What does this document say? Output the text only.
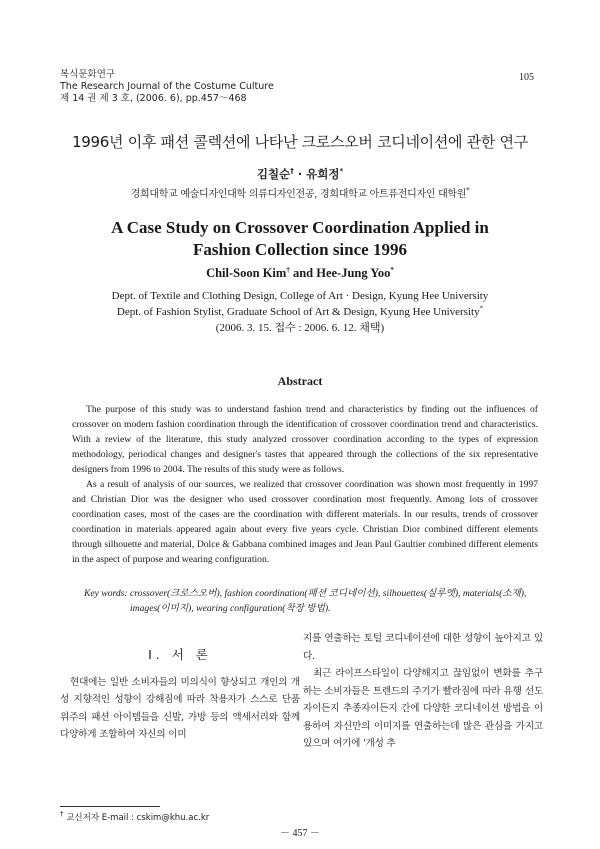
복식문화연구
The Research Journal of the Costume Culture
제 14 권 제 3 호, (2006. 6), pp.457～468
105
1996년 이후 패션 콜렉션에 나타난 크로스오버 코디네이션에 관한 연구
김칠순† · 유희정*
경희대학교 예술디자인대학 의류디자인전공, 경희대학교 아트퓨전디자인 대학원*
A Case Study on Crossover Coordination Applied in
Fashion Collection since 1996
Chil-Soon Kim† and Hee-Jung Yoo*
Dept. of Textile and Clothing Design, College of Art · Design, Kyung Hee University
Dept. of Fashion Stylist, Graduate School of Art & Design, Kyung Hee University*
(2006. 3. 15. 접수 : 2006. 6. 12. 채택)
Abstract

The purpose of this study was to understand fashion trend and characteristics by finding out the influences of crossover on modern fashion coordination through the identification of crossover coordination trend and characteristics. With a review of the literature, this study analyzed crossover coordination according to the types of expression methodology, periodical changes and designer's tastes that appeared through the collections of the six representative designers from 1996 to 2004. The results of this study were as follows.

As a result of analysis of our sources, we realized that crossover coordination was shown most frequently in 1997 and Christian Dior was the designer who used crossover coordination most frequently. Among lots of crossover coordination cases, most of the cases are the coordination with different materials. In our results, trends of crossover coordination in materials appeared again about every five years cycle. Christian Dior combined different elements through silhouette and material, Dolce & Gabbana combined images and Jean Paul Gaultier combined different elements in the aspect of purpose and wearing configuration.

Key words: crossover(크로스오버), fashion coordination(패션 코디네이션), silhouettes(실루엣), materials(소재), images(이미지), wearing configuration(착장 방법).
Ⅰ. 서 론

현대에는 일반 소비자들의 미의식이 향상되고 개인의 개성 지향적인 성향이 강해짐에 따라 착용자가 스스로 단품 위주의 패션 아이템들을 신발, 가방 등의 액세서리와 함께 다양하게 조합하여 자신의 이미

지를 연출하는 토털 코디네이션에 대한 성향이 높아지고 있다.

최근 라이프스타일이 다양해지고 끊임없이 변화를 추구하는 소비자들은 트렌드의 주기가 빨라짐에 따라 유행 선도자이든지 추종자이든지 간에 다양한 코디네이션 방법을 이용하여 자신만의 이미지를 연출하는데 많은 관심을 가지고 있으며 여기에 '개성 추

† 교신저자 E-mail : cskim@khu.ac.kr
－ 457 －
